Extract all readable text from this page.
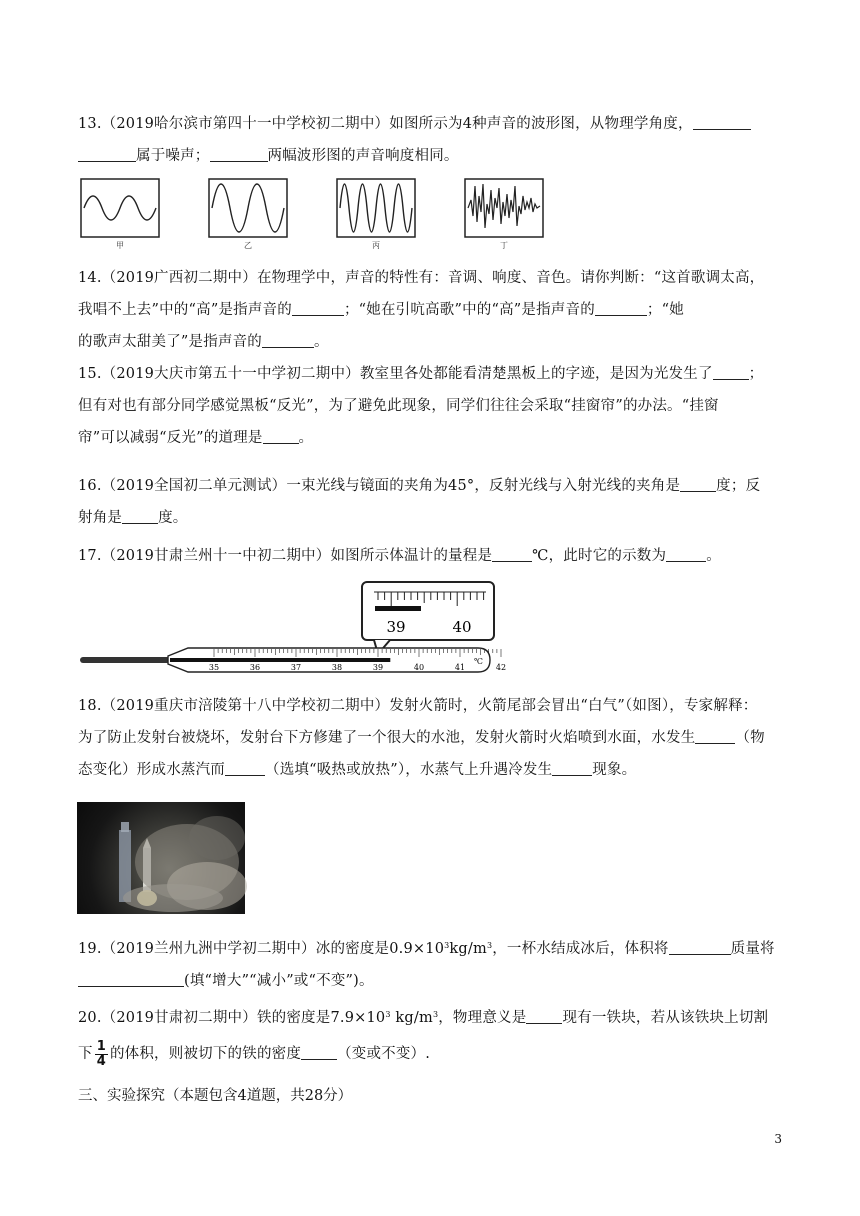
13.（2019哈尔滨市第四十一中学校初二期中）如图所示为4种声音的波形图，从物理学角度，

属于噪声；	两幅波形图的声音响度相同。

甲	乙	丙	丁

14.（2019广西初二期中）在物理学中，声音的特性有：音调、响度、音色。请你判断：“这首歌调太高，

我唱不上去”中的“高”是指声音的	；“她在引吭高歌”中的“高”是指声音的	；“她

的歌声太甜美了”是指声音的	。

15.（2019大庆市第五十一中学初二期中）教室里各处都能看清楚黑板上的字迹，是因为光发生了 ；

但有对也有部分同学感觉黑板“反光”，为了避免此现象，同学们往往会采取“挂窗帘”的办法。“挂窗

帘”可以减弱“反光”的道理是 。

16.（2019全国初二单元测试）一束光线与镜面的夹角为45°，反射光线与入射光线的夹角是 度；反

射角是 度。

17.（2019甘肃兰州十一中初二期中）如图所示体温计的量程是	℃，此时它的示数为	。

39	40
35	36	37	38	39	40	41	42
℃

18.（2019重庆市涪陵第十八中学校初二期中）发射火箭时，火箭尾部会冒出“白气”（如图），专家解释：

为了防止发射台被烧坏，发射台下方修建了一个很大的水池，发射火箭时火焰喷到水面，水发生	（物

态变化）形成水蒸汽而	（选填“吸热或放热”），水蒸气上升遇冷发生	现象。

19.（2019兰州九洲中学初二期中）冰的密度是$0.9\times 10^3kg/m^3$，一杯水结成冰后，体积将	质量将

(填“增大”“减小”或“不变”)。

20.（2019甘肃初二期中）铁的密度是$7.9\times 10^3$ $kg/m^3$，物理意义是 现有一铁块，若从该铁块上切割

下 $\frac{1}{4}$ 的体积，则被切下的铁的密度 （变或不变）.

三、实验探究（本题包含4道题，共28分）
3
